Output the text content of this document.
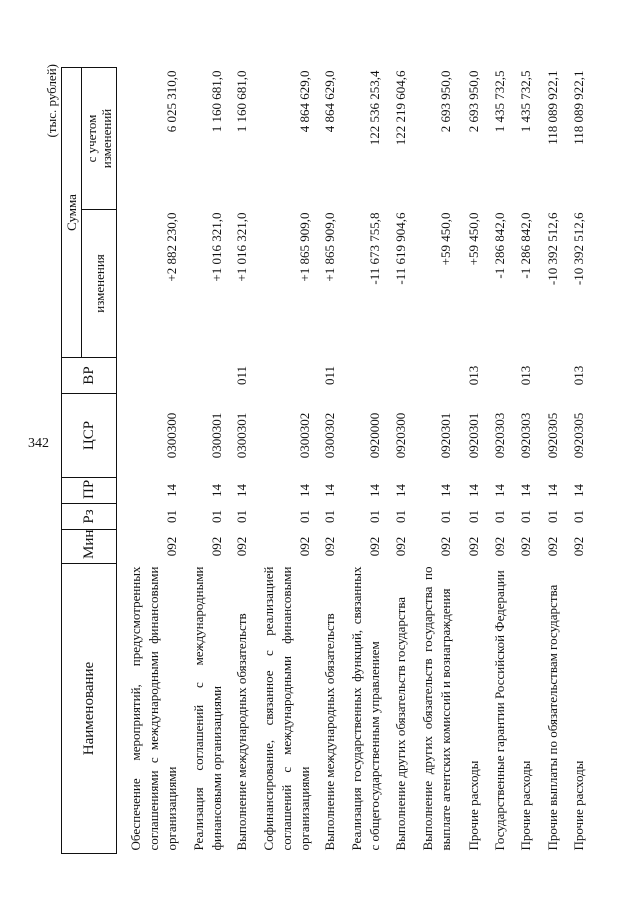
342
(тыс. рублей)
Наименование	Мин	Рз	ПР	ЦСР	ВР	Сумма	
						изменения	с учетом
изменений

Обеспечение мероприятий, предусмотренных соглашениями с международными финансовыми организациями	092	01	14	0300300		+2 882 230,0	6 025 310,0

Реализация соглашений с международными финансовыми организациями	092	01	14	0300301		+1 016 321,0	1 160 681,0

Выполнение международных обязательств	092	01	14	0300301	011	+1 016 321,0	1 160 681,0

Софинансирование, связанное с реализацией соглашений с международными финансовыми организациями	092	01	14	0300302		+1 865 909,0	4 864 629,0

Выполнение международных обязательств	092	01	14	0300302	011	+1 865 909,0	4 864 629,0

Реализация государственных функций, связанных с общегосударственным управлением	092	01	14	0920000		-11 673 755,8	122 536 253,4

Выполнение других обязательств государства	092	01	14	0920300		-11 619 904,6	122 219 604,6

Выполнение других обязательств государства по выплате агентских комиссий и вознаграждения	092	01	14	0920301		+59 450,0	2 693 950,0

Прочие расходы	092	01	14	0920301	013	+59 450,0	2 693 950,0

Государственные гарантии Российской Федерации	092	01	14	0920303		-1 286 842,0	1 435 732,5

Прочие расходы	092	01	14	0920303	013	-1 286 842,0	1 435 732,5

Прочие выплаты по обязательствам государства	092	01	14	0920305		-10 392 512,6	118 089 922,1

Прочие расходы	092	01	14	0920305	013	-10 392 512,6	118 089 922,1
